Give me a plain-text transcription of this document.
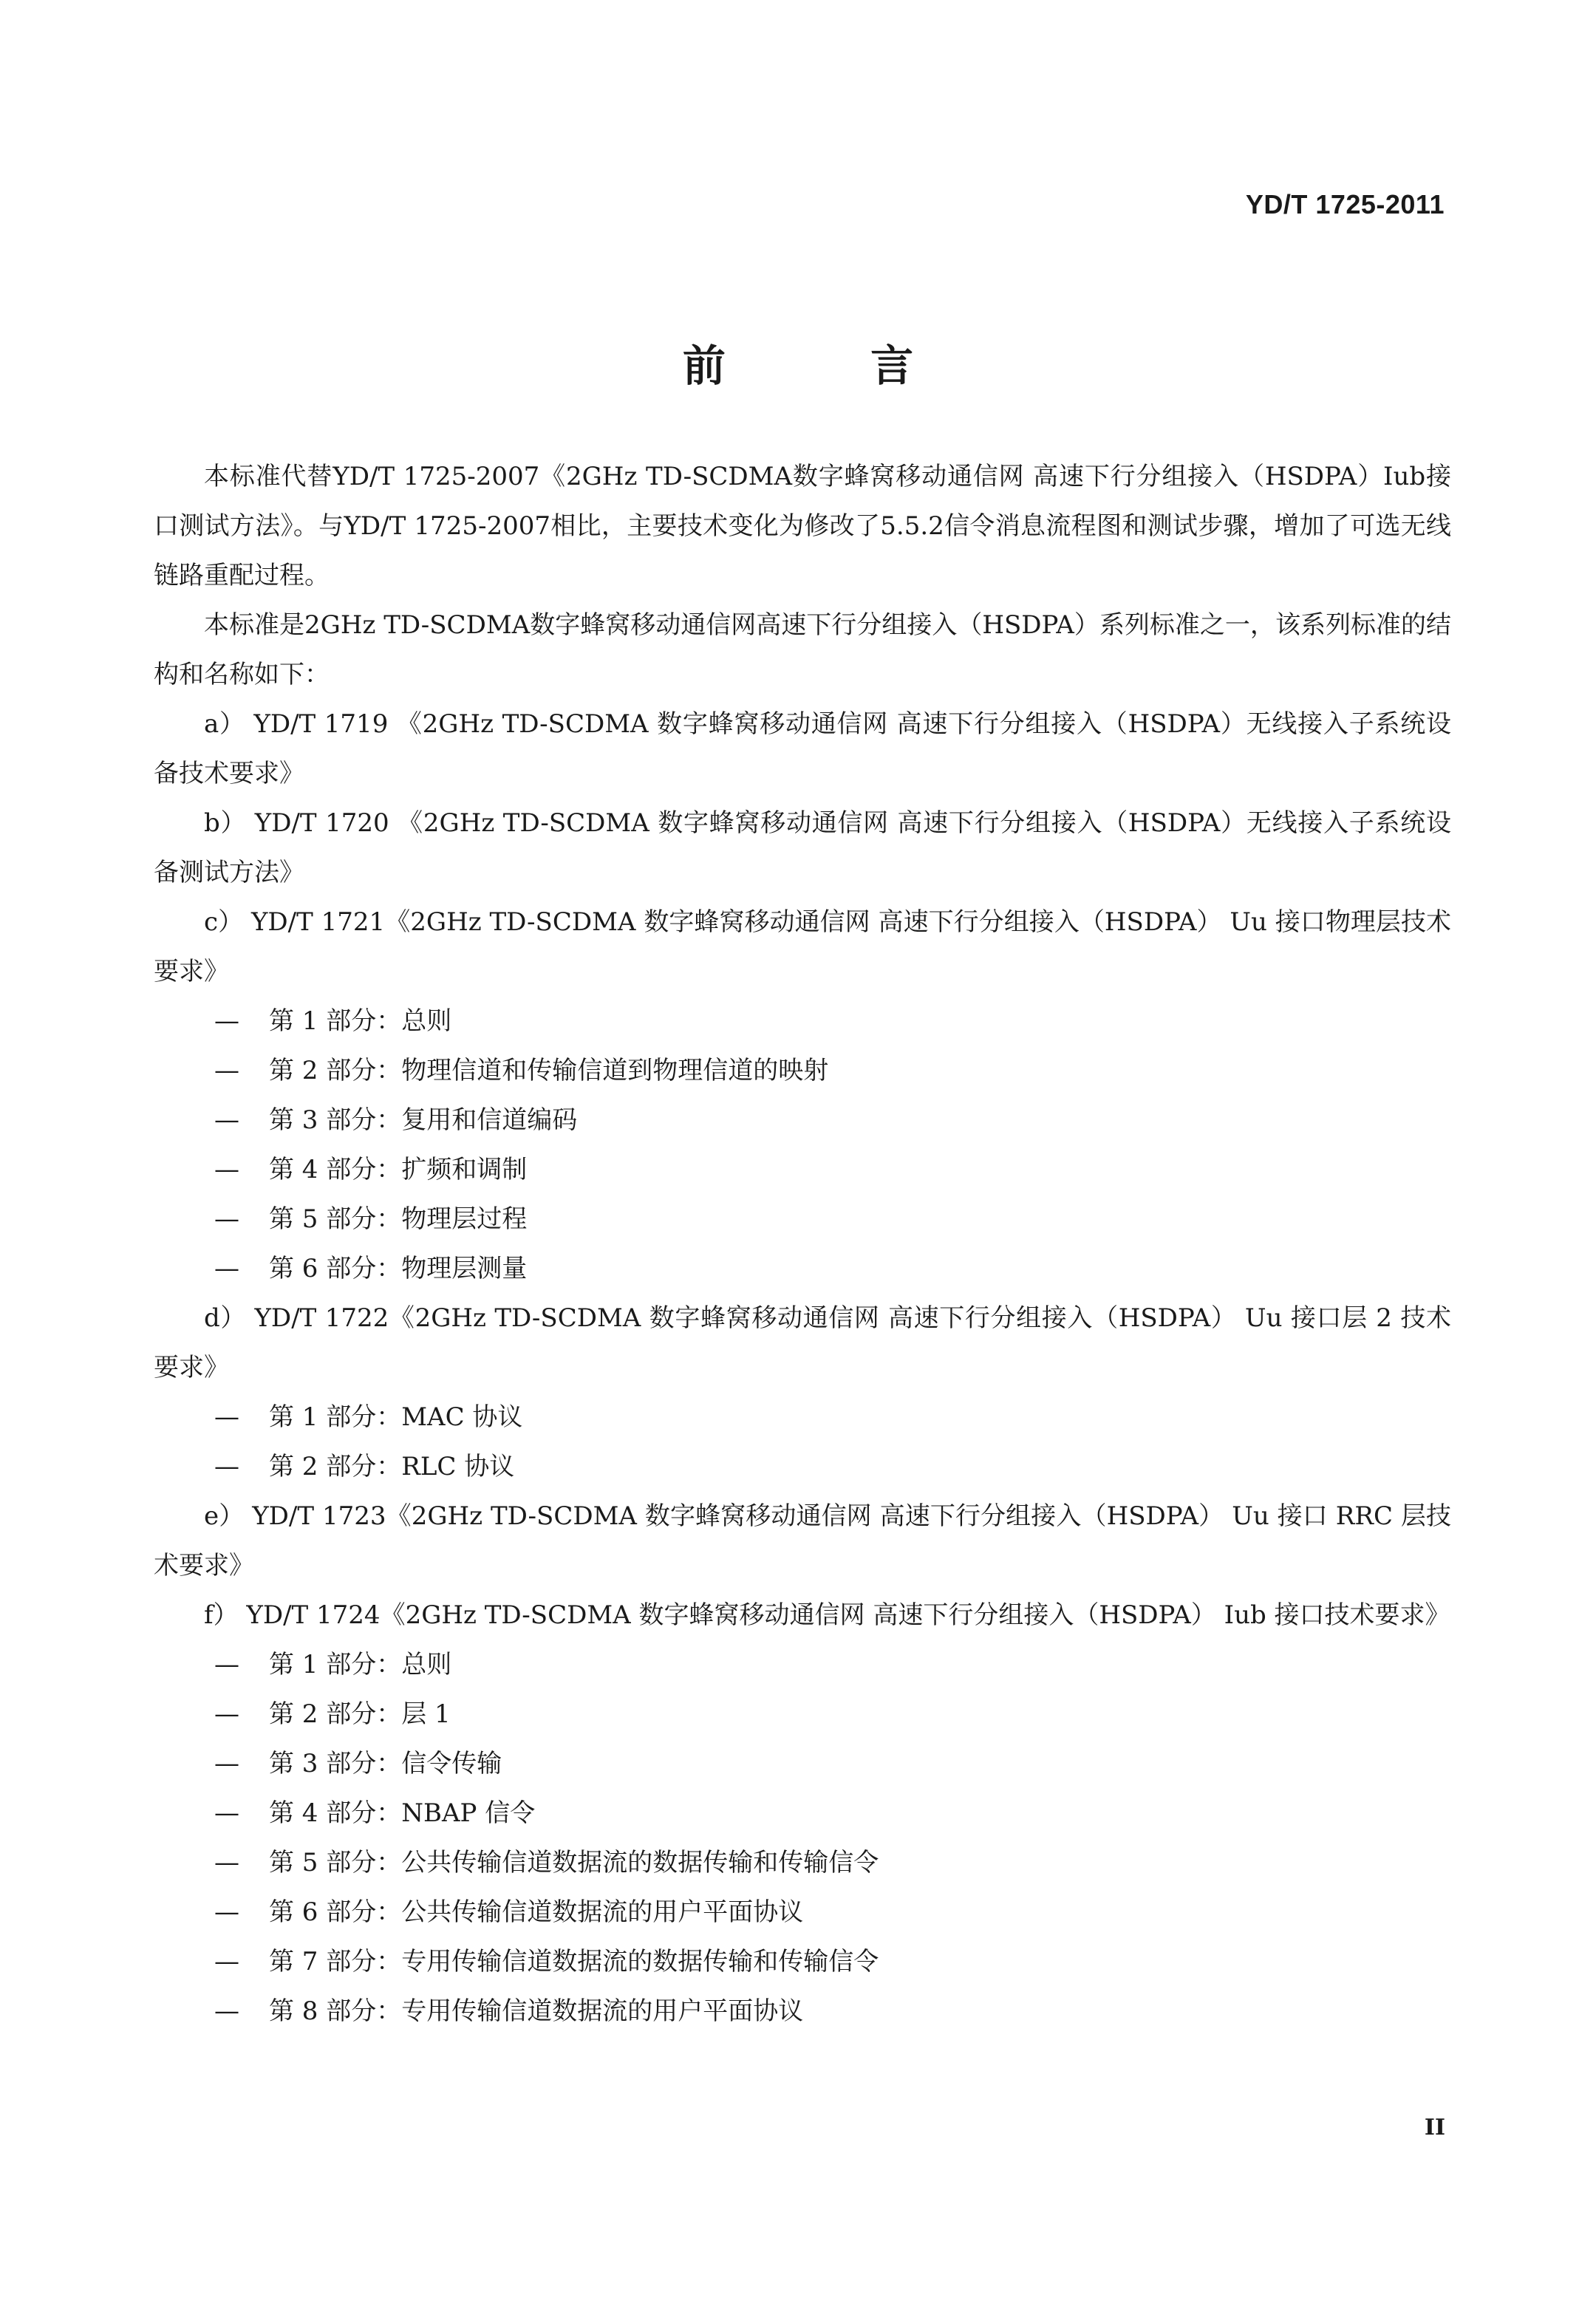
YD/T 1725-2011
前 言

本标准代替YD/T 1725-2007《2GHz TD-SCDMA数字蜂窝移动通信网 高速下行分组接入（HSDPA）Iub接口测试方法》。与YD/T 1725-2007相比，主要技术变化为修改了5.5.2信令消息流程图和测试步骤，增加了可选无线链路重配过程。

本标准是2GHz TD-SCDMA数字蜂窝移动通信网高速下行分组接入（HSDPA）系列标准之一，该系列标准的结构和名称如下：

a） YD/T 1719 《2GHz TD-SCDMA 数字蜂窝移动通信网 高速下行分组接入（HSDPA）无线接入子系统设备技术要求》

b） YD/T 1720 《2GHz TD-SCDMA 数字蜂窝移动通信网 高速下行分组接入（HSDPA）无线接入子系统设备测试方法》

c） YD/T 1721《2GHz TD-SCDMA 数字蜂窝移动通信网 高速下行分组接入（HSDPA） Uu 接口物理层技术要求》

— 第 1 部分：总则

— 第 2 部分：物理信道和传输信道到物理信道的映射

— 第 3 部分：复用和信道编码

— 第 4 部分：扩频和调制

— 第 5 部分：物理层过程

— 第 6 部分：物理层测量

d） YD/T 1722《2GHz TD-SCDMA 数字蜂窝移动通信网 高速下行分组接入（HSDPA） Uu 接口层 2 技术要求》

— 第 1 部分：MAC 协议

— 第 2 部分：RLC 协议

e） YD/T 1723《2GHz TD-SCDMA 数字蜂窝移动通信网 高速下行分组接入（HSDPA） Uu 接口 RRC 层技术要求》

f） YD/T 1724《2GHz TD-SCDMA 数字蜂窝移动通信网 高速下行分组接入（HSDPA） Iub 接口技术要求》

— 第 1 部分：总则

— 第 2 部分：层 1

— 第 3 部分：信令传输

— 第 4 部分：NBAP 信令

— 第 5 部分：公共传输信道数据流的数据传输和传输信令

— 第 6 部分：公共传输信道数据流的用户平面协议

— 第 7 部分：专用传输信道数据流的数据传输和传输信令

— 第 8 部分：专用传输信道数据流的用户平面协议

II
